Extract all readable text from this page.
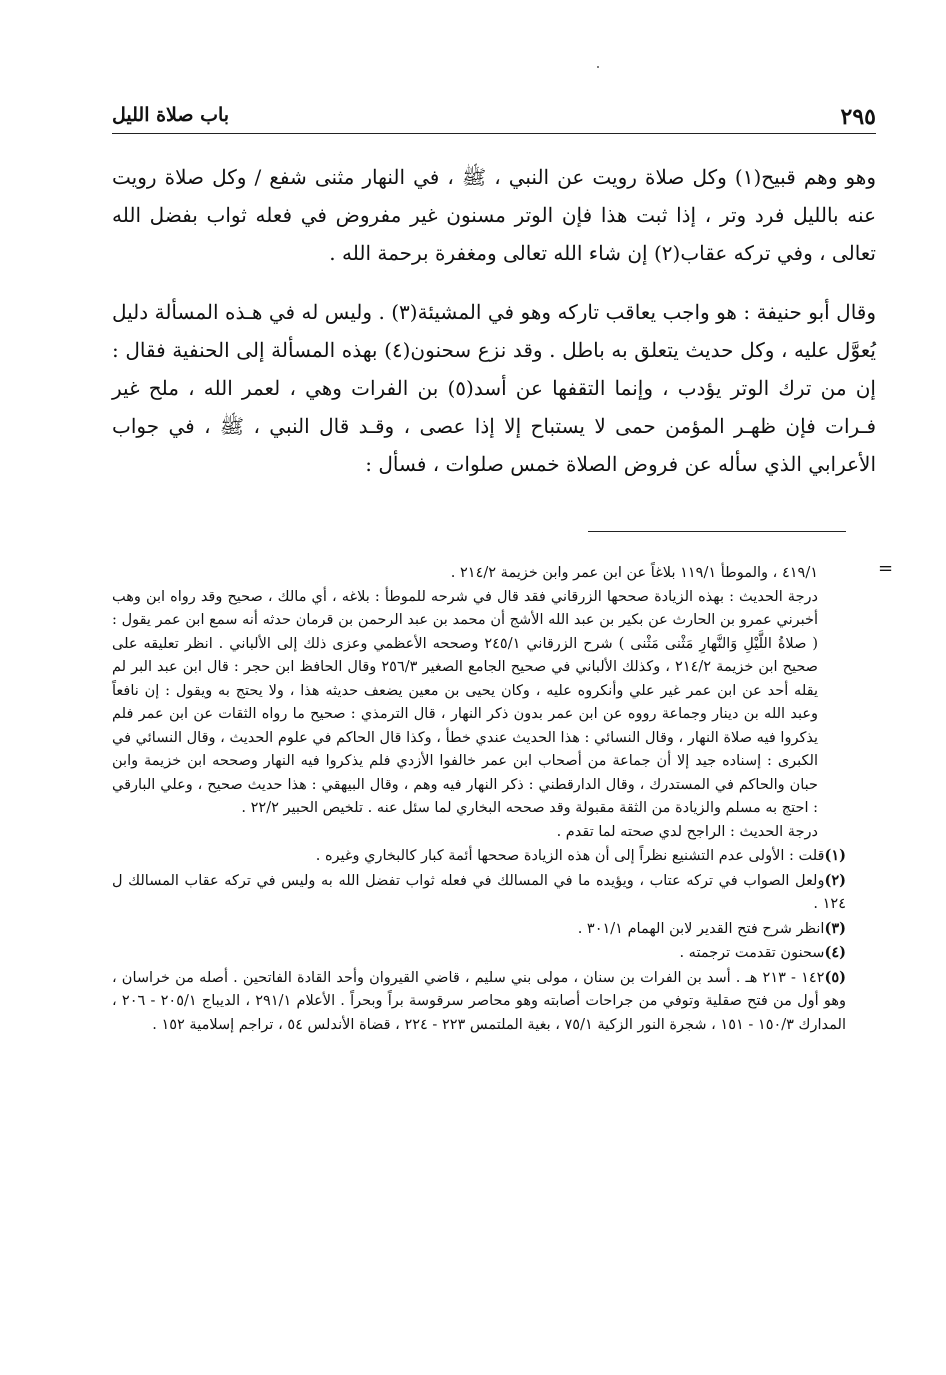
٢٩٥
باب صلاة الليل

وهو وهم قبيح(١) وكل صلاة رويت عن النبي ، ﷺ ، في النهار مثنى شفع / وكل صلاة رويت عنه بالليل فرد وتر ، إذا ثبت هذا فإن الوتر مسنون غير مفروض في فعله ثواب بفضل الله تعالى ، وفي تركه عقاب(٢) إن شاء الله تعالى ومغفرة برحمة الله .

وقال أبو حنيفة : هو واجب يعاقب تاركه وهو في المشيئة(٣) . وليس له في هـذه المسألة دليل يُعوَّل عليه ، وكل حديث يتعلق به باطل . وقد نزع سحنون(٤) بهذه المسألة إلى الحنفية فقال : إن من ترك الوتر يؤدب ، وإنما التقفها عن أسد(٥) بن الفرات وهي ، لعمر الله ، ملح غير فـرات فإن ظهـر المؤمن حمى لا يستباح إلا إذا عصى ، وقـد قال النبي ، ﷺ ، في جواب الأعرابي الذي سأله عن فروض الصلاة خمس صلوات ، فسأل :

=

٤١٩/١ ، والموطأ ١١٩/١ بلاغاً عن ابن عمر وابن خزيمة ٢١٤/٢ .

درجة الحديث : بهذه الزيادة صححها الزرقاني فقد قال في شرحه للموطأ : بلاغه ، أي مالك ، صحيح وقد رواه ابن وهب أخبرني عمرو بن الحارث عن بكير بن عبد الله الأشج أن محمد بن عبد الرحمن بن قرمان حدثه أنه سمع ابن عمر يقول : ( صلاةُ اللَّيْلِ وَالنَّهارِ مَثْنى مَثْنى ) شرح الزرقاني ٢٤٥/١ وصححه الأعظمي وعزى ذلك إلى الألباني . انظر تعليقه على صحيح ابن خزيمة ٢١٤/٢ ، وكذلك الألباني في صحيح الجامع الصغير ٢٥٦/٣ وقال الحافظ ابن حجر : قال ابن عبد البر لم يقله أحد عن ابن عمر غير علي وأنكروه عليه ، وكان يحيى بن معين يضعف حديثه هذا ، ولا يحتج به ويقول : إن نافعاً وعبد الله بن دينار وجماعة رووه عن ابن عمر بدون ذكر النهار ، قال الترمذي : صحيح ما رواه الثقات عن ابن عمر فلم يذكروا فيه صلاة النهار ، وقال النسائي : هذا الحديث عندي خطأ ، وكذا قال الحاكم في علوم الحديث ، وقال النسائي في الكبرى : إسناده جيد إلا أن جماعة من أصحاب ابن عمر خالفوا الأزدي فلم يذكروا فيه النهار وصححه ابن خزيمة وابن حبان والحاكم في المستدرك ، وقال الدارقطني : ذكر النهار فيه وهم ، وقال البيهقي : هذا حديث صحيح ، وعلي البارقي : احتج به مسلم والزيادة من الثقة مقبولة وقد صححه البخاري لما سئل عنه . تلخيص الحبير ٢٢/٢ .

درجة الحديث : الراجح لدي صحته لما تقدم .

(١)قلت : الأولى عدم التشنيع نظراً إلى أن هذه الزيادة صححها أئمة كبار كالبخاري وغيره .

(٢)ولعل الصواب في تركه عتاب ، ويؤيده ما في المسالك في فعله ثواب تفضل الله به وليس في تركه عقاب المسالك ل ١٢٤ .

(٣)انظر شرح فتح القدير لابن الهمام ٣٠١/١ .

(٤)سحنون تقدمت ترجمته .

(٥)١٤٢ - ٢١٣ هـ . أسد بن الفرات بن سنان ، مولى بني سليم ، قاضي القيروان وأحد القادة الفاتحين . أصله من خراسان ، وهو أول من فتح صقلية وتوفي من جراحات أصابته وهو محاصر سرقوسة براً وبحراً . الأعلام ٢٩١/١ ، الديباج ٢٠٥/١ - ٢٠٦ ، المدارك ١٥٠/٣ - ١٥١ ، شجرة النور الزكية ٧٥/١ ، بغية الملتمس ٢٢٣ - ٢٢٤ ، قضاة الأندلس ٥٤ ، تراجم إسلامية ١٥٢ .
